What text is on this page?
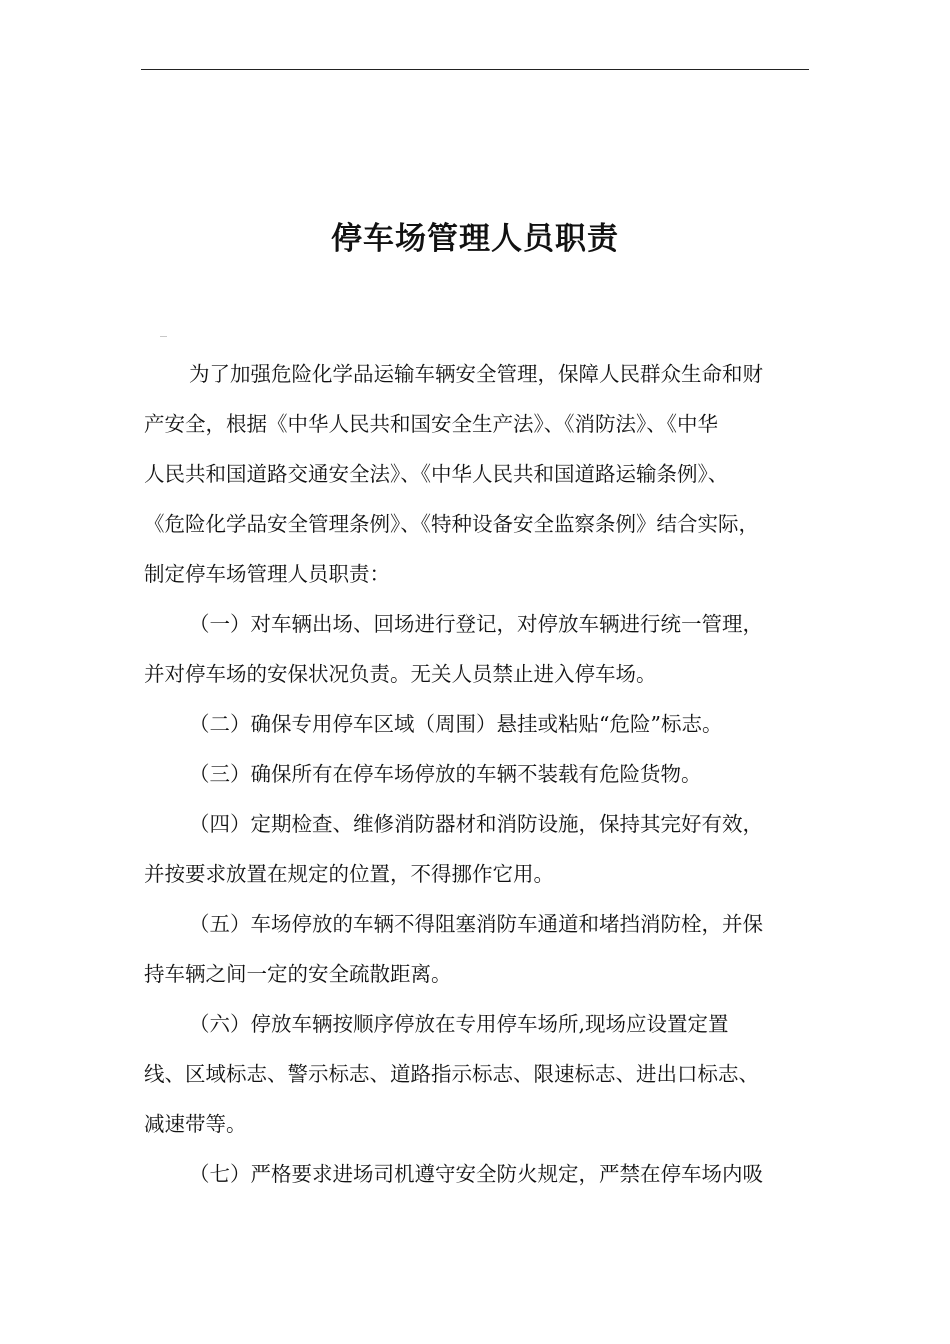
停车场管理人员职责

为了加强危险化学品运输车辆安全管理，保障人民群众生命和财
产安全，根据《中华人民共和国安全生产法》、《消防法》、《中华
人民共和国道路交通安全法》、《中华人民共和国道路运输条例》、
《危险化学品安全管理条例》、《特种设备安全监察条例》结合实际，
制定停车场管理人员职责：

（一）对车辆出场、回场进行登记，对停放车辆进行统一管理，
并对停车场的安保状况负责。无关人员禁止进入停车场。

（二）确保专用停车区域（周围）悬挂或粘贴“危险”标志。

（三）确保所有在停车场停放的车辆不装载有危险货物。

（四）定期检查、维修消防器材和消防设施，保持其完好有效，
并按要求放置在规定的位置，不得挪作它用。

（五）车场停放的车辆不得阻塞消防车通道和堵挡消防栓，并保
持车辆之间一定的安全疏散距离。

（六）停放车辆按顺序停放在专用停车场所,现场应设置定置
线、区域标志、警示标志、道路指示标志、限速标志、进出口标志、
减速带等。

（七）严格要求进场司机遵守安全防火规定，严禁在停车场内吸
